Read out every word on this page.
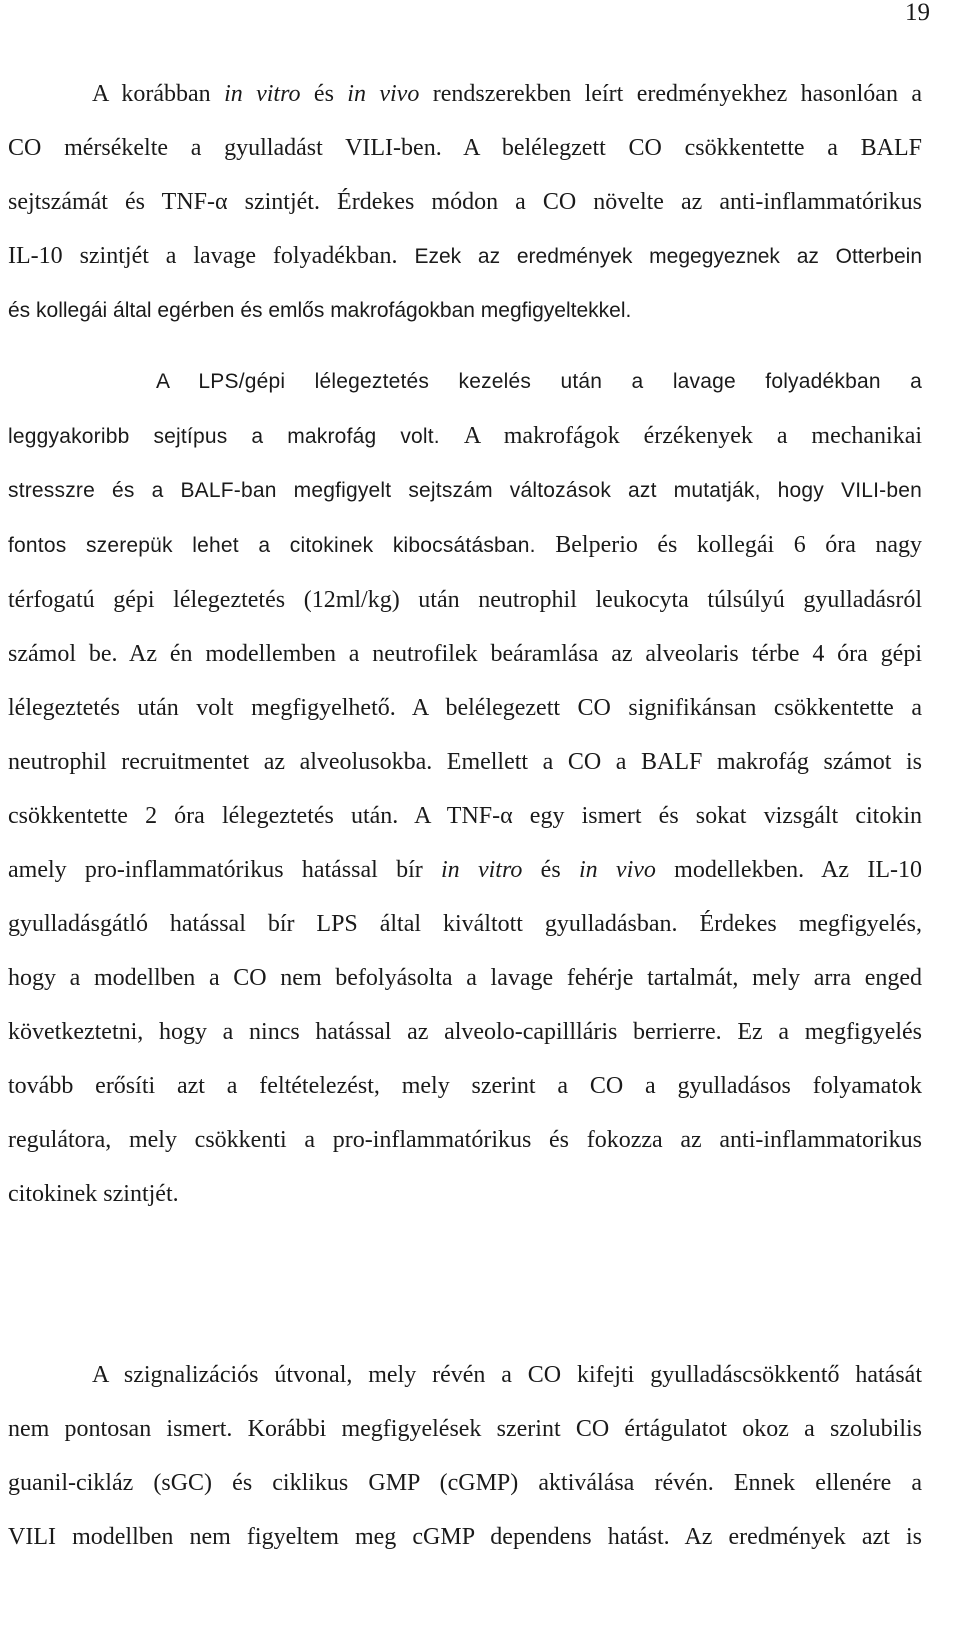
19
A korábban in vitro és in vivo rendszerekben leírt eredményekhez hasonlóan a
CO mérsékelte a gyulladást VILI-ben. A belélegzett CO csökkentette a BALF
sejtszámát és TNF-α szintjét. Érdekes módon a CO növelte az anti-inflammatórikus
IL-10 szintjét a lavage folyadékban. Ezek az eredmények megegyeznek az Otterbein
és kollegái által egérben és emlős makrofágokban megfigyeltekkel.
A LPS/gépi lélegeztetés kezelés után a lavage folyadékban a
leggyakoribb sejtípus a makrofág volt. A makrofágok érzékenyek a mechanikai
stresszre és a BALF-ban megfigyelt sejtszám változások azt mutatják, hogy VILI-ben
fontos szerepük lehet a citokinek kibocsátásban. Belperio és kollegái 6 óra nagy
térfogatú gépi lélegeztetés (12ml/kg) után neutrophil leukocyta túlsúlyú gyulladásról
számol be. Az én modellemben a neutrofilek beáramlása az alveolaris térbe 4 óra gépi
lélegeztetés után volt megfigyelhető. A belélegezett CO signifikánsan csökkentette a
neutrophil recruitmentet az alveolusokba. Emellett a CO a BALF makrofág számot is
csökkentette 2 óra lélegeztetés után. A TNF-α egy ismert és sokat vizsgált citokin
amely pro-inflammatórikus hatással bír in vitro és in vivo modellekben. Az IL-10
gyulladásgátló hatással bír LPS által kiváltott gyulladásban. Érdekes megfigyelés,
hogy a modellben a CO nem befolyásolta a lavage fehérje tartalmát, mely arra enged
következtetni, hogy a nincs hatással az alveolo-capillláris berrierre. Ez a megfigyelés
tovább erősíti azt a feltételezést, mely szerint a CO a gyulladásos folyamatok
regulátora, mely csökkenti a pro-inflammatórikus és fokozza az anti-inflammatorikus
citokinek szintjét.
A szignalizációs útvonal, mely révén a CO kifejti gyulladáscsökkentő hatását
nem pontosan ismert. Korábbi megfigyelések szerint CO értágulatot okoz a szolubilis
guanil-cikláz (sGC) és ciklikus GMP (cGMP) aktiválása révén. Ennek ellenére a
VILI modellben nem figyeltem meg cGMP dependens hatást. Az eredmények azt is
